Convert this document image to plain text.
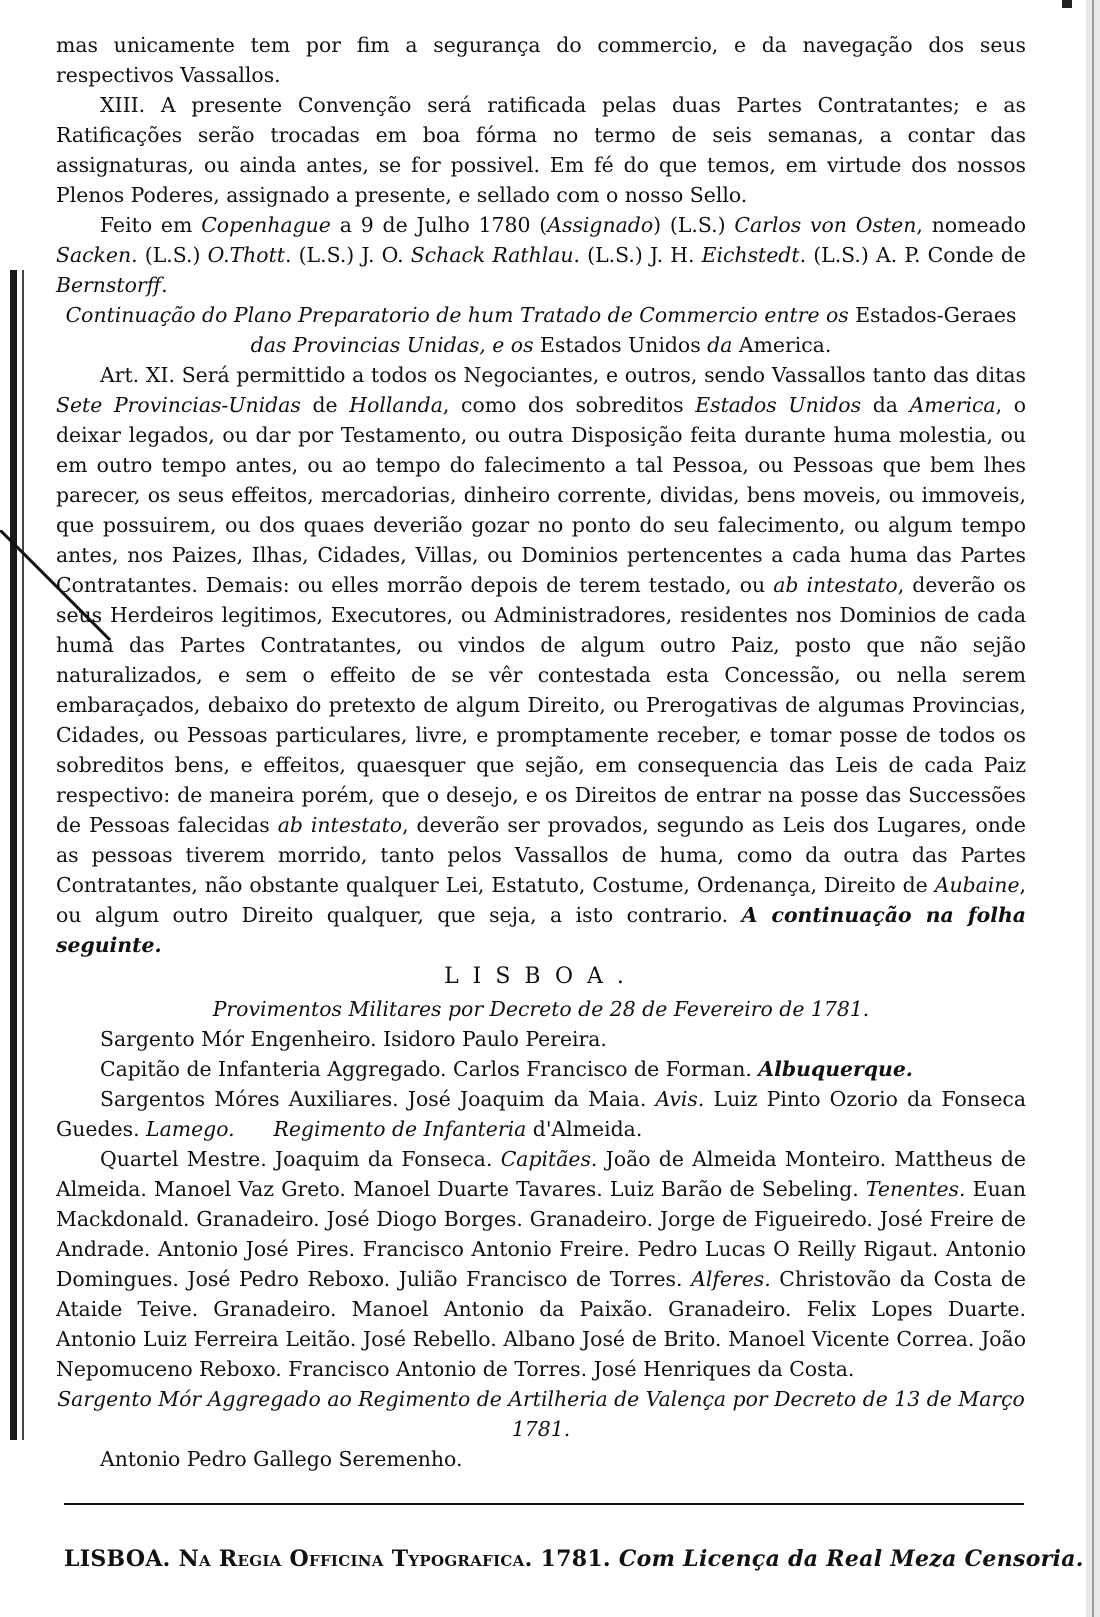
mas unicamente tem por fim a segurança do commercio, e da navegação dos seus respectivos Vassallos.

XIII. A presente Convenção será ratificada pelas duas Partes Contratantes; e as Ratificações serão trocadas em boa fórma no termo de seis semanas, a contar das assignaturas, ou ainda antes, se for possivel. Em fé do que temos, em virtude dos nossos Plenos Poderes, assignado a presente, e sellado com o nosso Sello.

Feito em Copenhague a 9 de Julho 1780 (Assignado) (L.S.) Carlos von Osten, nomeado Sacken. (L.S.) O.Thott. (L.S.) J. O. Schack Rathlau. (L.S.) J. H. Eichstedt. (L.S.) A. P. Conde de Bernstorff.

Continuação do Plano Preparatorio de hum Tratado de Commercio entre os Estados-Geraes das Provincias Unidas, e os Estados Unidos da America.

Art. XI. Será permittido a todos os Negociantes, e outros, sendo Vassallos tanto das ditas Sete Provincias-Unidas de Hollanda, como dos sobreditos Estados Unidos da America, o deixar legados, ou dar por Testamento, ou outra Disposição feita durante huma molestia, ou em outro tempo antes, ou ao tempo do falecimento a tal Pessoa, ou Pessoas que bem lhes parecer, os seus effeitos, mercadorias, dinheiro corrente, dividas, bens moveis, ou immoveis, que possuirem, ou dos quaes deverião gozar no ponto do seu falecimento, ou algum tempo antes, nos Paizes, Ilhas, Cidades, Villas, ou Dominios pertencentes a cada huma das Partes Contratantes. Demais: ou elles morrão depois de terem testado, ou ab intestato, deverão os seus Herdeiros legitimos, Executores, ou Administradores, residentes nos Dominios de cada huma das Partes Contratantes, ou vindos de algum outro Paiz, posto que não sejão naturalizados, e sem o effeito de se vêr contestada esta Concessão, ou nella serem embaraçados, debaixo do pretexto de algum Direito, ou Prerogativas de algumas Provincias, Cidades, ou Pessoas particulares, livre, e promptamente receber, e tomar posse de todos os sobreditos bens, e effeitos, quaesquer que sejão, em consequencia das Leis de cada Paiz respectivo: de maneira porém, que o desejo, e os Direitos de entrar na posse das Successões de Pessoas falecidas ab intestato, deverão ser provados, segundo as Leis dos Lugares, onde as pessoas tiverem morrido, tanto pelos Vassallos de huma, como da outra das Partes Contratantes, não obstante qualquer Lei, Estatuto, Costume, Ordenança, Direito de Aubaine, ou algum outro Direito qualquer, que seja, a isto contrario. A continuação na folha seguinte.

LISBOA.

Provimentos Militares por Decreto de 28 de Fevereiro de 1781.

Sargento Mór Engenheiro. Isidoro Paulo Pereira.

Capitão de Infanteria Aggregado. Carlos Francisco de Forman. Albuquerque.

Sargentos Móres Auxiliares. José Joaquim da Maia. Avis. Luiz Pinto Ozorio da Fonseca Guedes. Lamego. Regimento de Infanteria d'Almeida.

Quartel Mestre. Joaquim da Fonseca. Capitães. João de Almeida Monteiro. Mattheus de Almeida. Manoel Vaz Greto. Manoel Duarte Tavares. Luiz Barão de Sebeling. Tenentes. Euan Mackdonald. Granadeiro. José Diogo Borges. Granadeiro. Jorge de Figueiredo. José Freire de Andrade. Antonio José Pires. Francisco Antonio Freire. Pedro Lucas O Reilly Rigaut. Antonio Domingues. José Pedro Reboxo. Julião Francisco de Torres. Alferes. Christovão da Costa de Ataide Teive. Granadeiro. Manoel Antonio da Paixão. Granadeiro. Felix Lopes Duarte. Antonio Luiz Ferreira Leitão. José Rebello. Albano José de Brito. Manoel Vicente Correa. João Nepomuceno Reboxo. Francisco Antonio de Torres. José Henriques da Costa.

Sargento Mór Aggregado ao Regimento de Artilheria de Valença por Decreto de 13 de Março 1781.

Antonio Pedro Gallego Seremenho.

LISBOA. Na Regia Officina Typografica. 1781. Com Licença da Real Meza Censoria.
